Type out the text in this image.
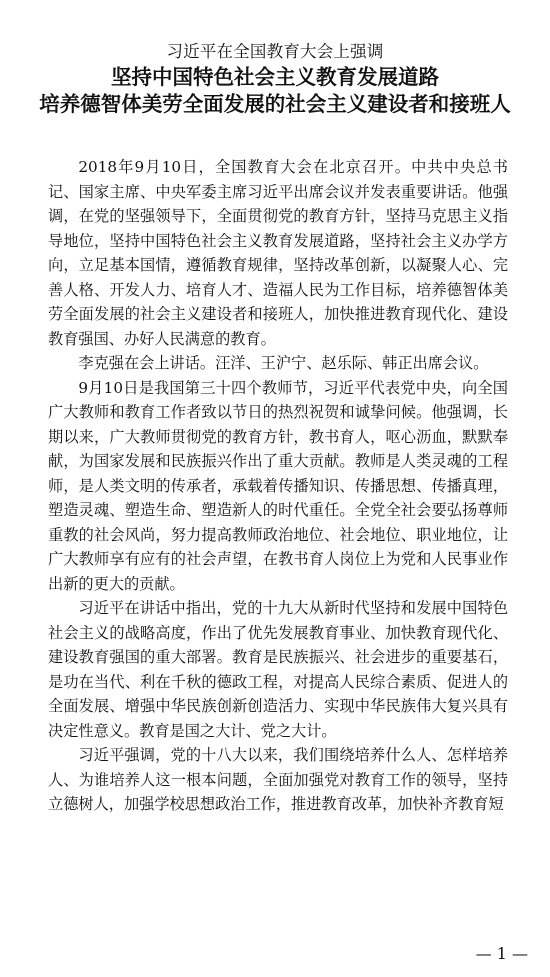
习近平在全国教育大会上强调
坚持中国特色社会主义教育发展道路
培养德智体美劳全面发展的社会主义建设者和接班人

2018年9月10日，全国教育大会在北京召开。中共中央总书记、国家主席、中央军委主席习近平出席会议并发表重要讲话。他强调，在党的坚强领导下，全面贯彻党的教育方针，坚持马克思主义指导地位，坚持中国特色社会主义教育发展道路，坚持社会主义办学方向，立足基本国情，遵循教育规律，坚持改革创新，以凝聚人心、完善人格、开发人力、培育人才、造福人民为工作目标，培养德智体美劳全面发展的社会主义建设者和接班人，加快推进教育现代化、建设教育强国、办好人民满意的教育。

李克强在会上讲话。汪洋、王沪宁、赵乐际、韩正出席会议。

9月10日是我国第三十四个教师节，习近平代表党中央，向全国广大教师和教育工作者致以节日的热烈祝贺和诚挚问候。他强调，长期以来，广大教师贯彻党的教育方针，教书育人，呕心沥血，默默奉献，为国家发展和民族振兴作出了重大贡献。教师是人类灵魂的工程师，是人类文明的传承者，承载着传播知识、传播思想、传播真理，塑造灵魂、塑造生命、塑造新人的时代重任。全党全社会要弘扬尊师重教的社会风尚，努力提高教师政治地位、社会地位、职业地位，让广大教师享有应有的社会声望，在教书育人岗位上为党和人民事业作出新的更大的贡献。

习近平在讲话中指出，党的十九大从新时代坚持和发展中国特色社会主义的战略高度，作出了优先发展教育事业、加快教育现代化、建设教育强国的重大部署。教育是民族振兴、社会进步的重要基石，是功在当代、利在千秋的德政工程，对提高人民综合素质、促进人的全面发展、增强中华民族创新创造活力、实现中华民族伟大复兴具有决定性意义。教育是国之大计、党之大计。

习近平强调，党的十八大以来，我们围绕培养什么人、怎样培养人、为谁培养人这一根本问题，全面加强党对教育工作的领导，坚持立德树人，加强学校思想政治工作，推进教育改革，加快补齐教育短

— 1 —
